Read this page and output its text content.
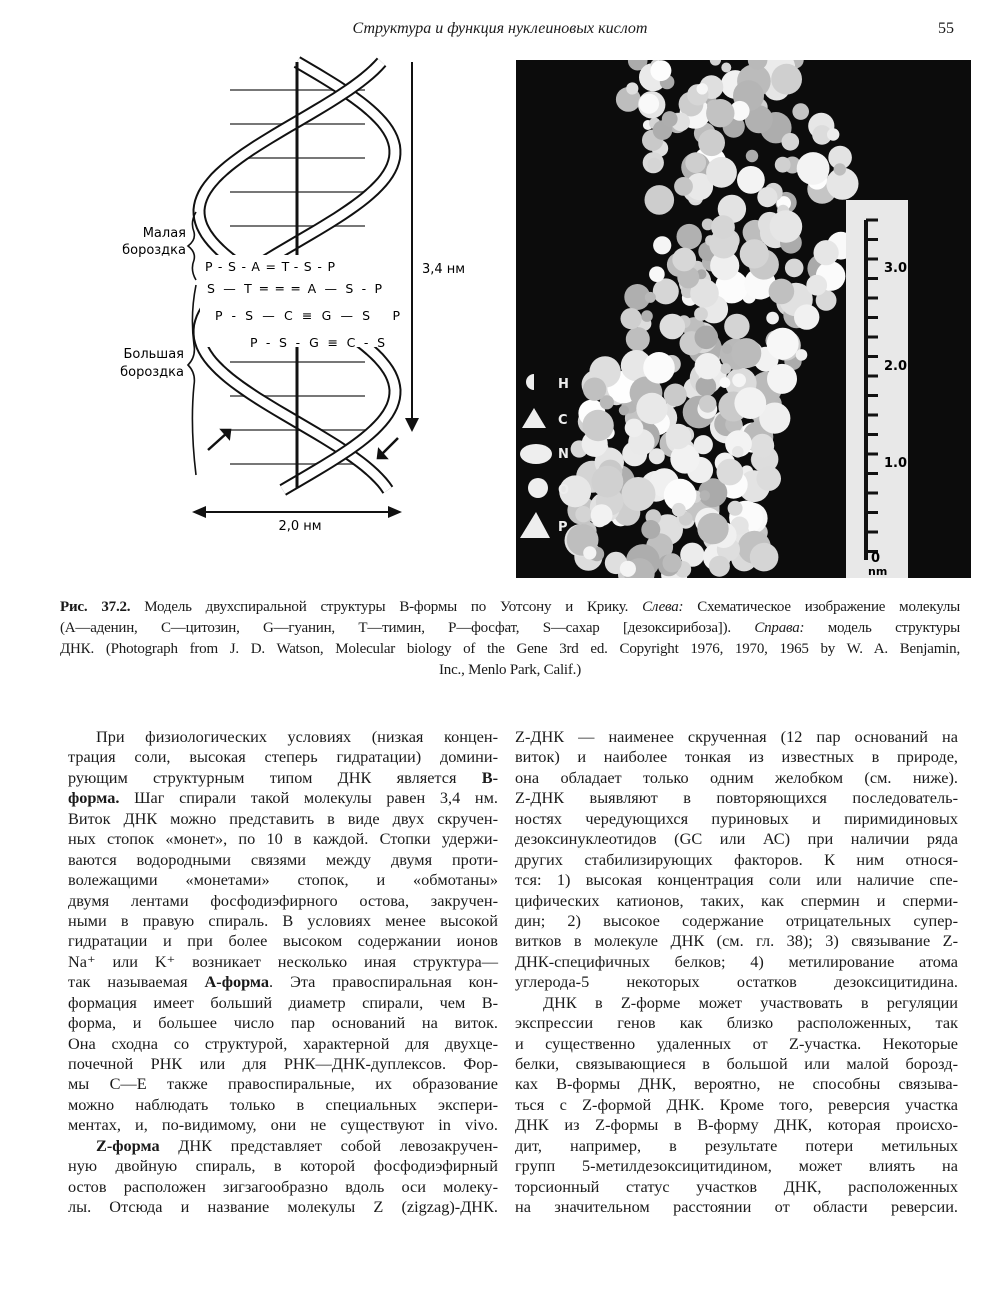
Структура и функция нуклеиновых кислот	55
Малая
бороздка
Большая
бороздка
P-S-A=T-S-P
S—T═══A—S-P
P-S—C≡G—S P
P-S-G≡C-S
3,4 нм
2,0 нм
3.0
2.0
1.0
0
nm
H
C
N
O
P
Рис. 37.2. Модель двухспиральной структуры В-формы по Уотсону и Крику. Слева: Схематическое изображение молекулы
(А—аденин, С—цитозин, G—гуанин, Т—тимин, Р—фосфат, S—сахар [дезоксирибоза]). Справа: модель структуры
ДНК. (Photograph from J. D. Watson, Molecular biology of the Gene 3rd ed. Copyright 1976, 1970, 1965 by W. A. Benjamin,
Inc., Menlo Park, Calif.)
При физиологических условиях (низкая концен-
трация соли, высокая степерь гидратации) домини-
рующим структурным типом ДНК является В-
форма. Шаг спирали такой молекулы равен 3,4 нм.
Виток ДНК можно представить в виде двух скручен-
ных стопок «монет», по 10 в каждой. Стопки удержи-
ваются водородными связями между двумя проти-
волежащими «монетами» стопок, и «обмотаны»
двумя лентами фосфодиэфирного остова, закручен-
ными в правую спираль. В условиях менее высокой
гидратации и при более высоком содержании ионов
Na⁺ или K⁺ возникает несколько иная структура—
так называемая А-форма. Эта правоспиральная кон-
формация имеет больший диаметр спирали, чем В-
форма, и большее число пар оснований на виток.
Она сходна со структурой, характерной для двухце-
почечной РНК или для РНК—ДНК-дуплексов. Фор-
мы С—Е также правоспиральные, их образование
можно наблюдать только в специальных экспери-
ментах, и, по-видимому, они не существуют in vivo.
Z-форма ДНК представляет собой левозакручен-
ную двойную спираль, в которой фосфодиэфирный
остов расположен зигзагообразно вдоль оси молеку-
лы. Отсюда и название молекулы Z (zigzag)-ДНК.
Z-ДНК — наименее скрученная (12 пар оснований на
виток) и наиболее тонкая из известных в природе,
она обладает только одним желобком (см. ниже).
Z-ДНК выявляют в повторяющихся последователь-
ностях чередующихся пуриновых и пиримидиновых
дезоксинуклеотидов (GC или АС) при наличии ряда
других стабилизирующих факторов. К ним относя-
тся: 1) высокая концентрация соли или наличие спе-
цифических катионов, таких, как спермин и сперми-
дин; 2) высокое содержание отрицательных супер-
витков в молекуле ДНК (см. гл. 38); 3) связывание Z-
ДНК-специфичных белков; 4) метилирование атома
углерода-5 некоторых остатков дезоксицитидина.
ДНК в Z-форме может участвовать в регуляции
экспрессии генов как близко расположенных, так
и существенно удаленных от Z-участка. Некоторые
белки, связывающиеся в большой или малой борозд-
ках В-формы ДНК, вероятно, не способны связыва-
ться с Z-формой ДНК. Кроме того, реверсия участка
ДНК из Z-формы в В-форму ДНК, которая происхо-
дит, например, в результате потери метильных
групп 5-метилдезоксицитидином, может влиять на
торсионный статус участков ДНК, расположенных
на значительном расстоянии от области реверсии.
